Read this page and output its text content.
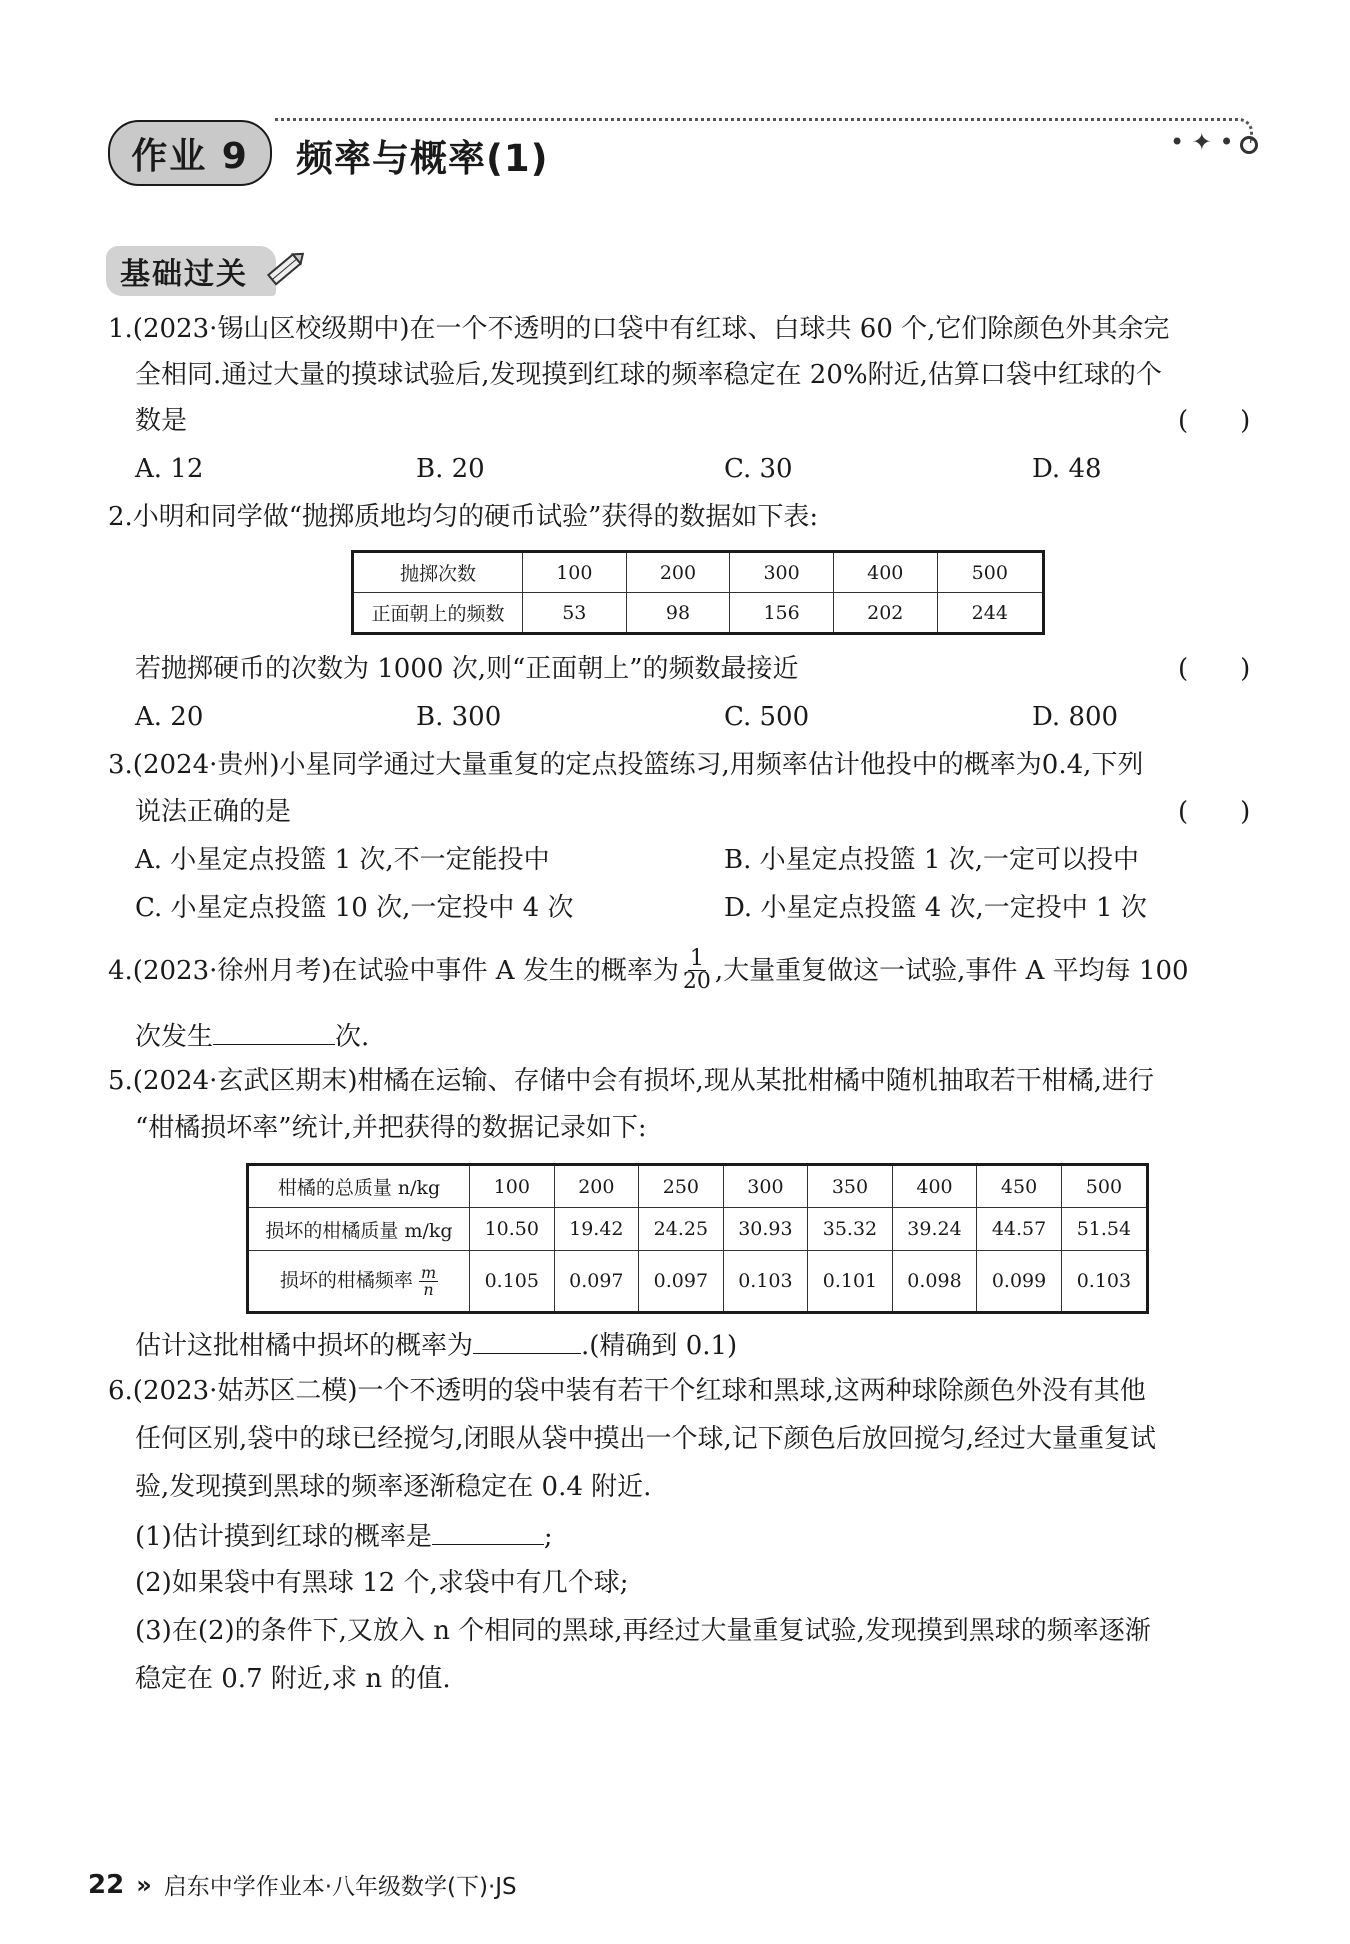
作业 9	频率与概率(1)	• ✦ •
基础过关
1.(2023·锡山区校级期中)在一个不透明的口袋中有红球、白球共 60 个,它们除颜色外其余完
全相同.通过大量的摸球试验后,发现摸到红球的频率稳定在 20%附近,估算口袋中红球的个
数是	(　　)
A. 12	B. 20	C. 30	D. 48
2.小明和同学做“抛掷质地均匀的硬币试验”获得的数据如下表:
抛掷次数	100	200	300	400	500
正面朝上的频数	53	98	156	202	244
若抛掷硬币的次数为 1000 次,则“正面朝上”的频数最接近	(　　)
A. 20	B. 300	C. 500	D. 800
3.(2024·贵州)小星同学通过大量重复的定点投篮练习,用频率估计他投中的概率为0.4,下列
说法正确的是	(　　)
A. 小星定点投篮 1 次,不一定能投中	B. 小星定点投篮 1 次,一定可以投中
C. 小星定点投篮 10 次,一定投中 4 次	D. 小星定点投篮 4 次,一定投中 1 次
4.(2023·徐州月考)在试验中事件 A 发生的概率为 $\frac{1}{20}$ ,大量重复做这一试验,事件 A 平均每 100
次发生	次.
5.(2024·玄武区期末)柑橘在运输、存储中会有损坏,现从某批柑橘中随机抽取若干柑橘,进行
“柑橘损坏率”统计,并把获得的数据记录如下:
柑橘的总质量 n/kg	100	200	250	300	350	400	450	500
损坏的柑橘质量 m/kg	10.50	19.42	24.25	30.93	35.32	39.24	44.57	51.54
损坏的柑橘频率 $\frac{m}{n}$	0.105	0.097	0.097	0.103	0.101	0.098	0.099	0.103
估计这批柑橘中损坏的概率为	.(精确到 0.1)
6.(2023·姑苏区二模)一个不透明的袋中装有若干个红球和黑球,这两种球除颜色外没有其他
任何区别,袋中的球已经搅匀,闭眼从袋中摸出一个球,记下颜色后放回搅匀,经过大量重复试
验,发现摸到黑球的频率逐渐稳定在 0.4 附近.
(1)估计摸到红球的概率是	;
(2)如果袋中有黑球 12 个,求袋中有几个球;
(3)在(2)的条件下,又放入 n 个相同的黑球,再经过大量重复试验,发现摸到黑球的频率逐渐
稳定在 0.7 附近,求 n 的值.
22 » 启东中学作业本·八年级数学(下)·JS
